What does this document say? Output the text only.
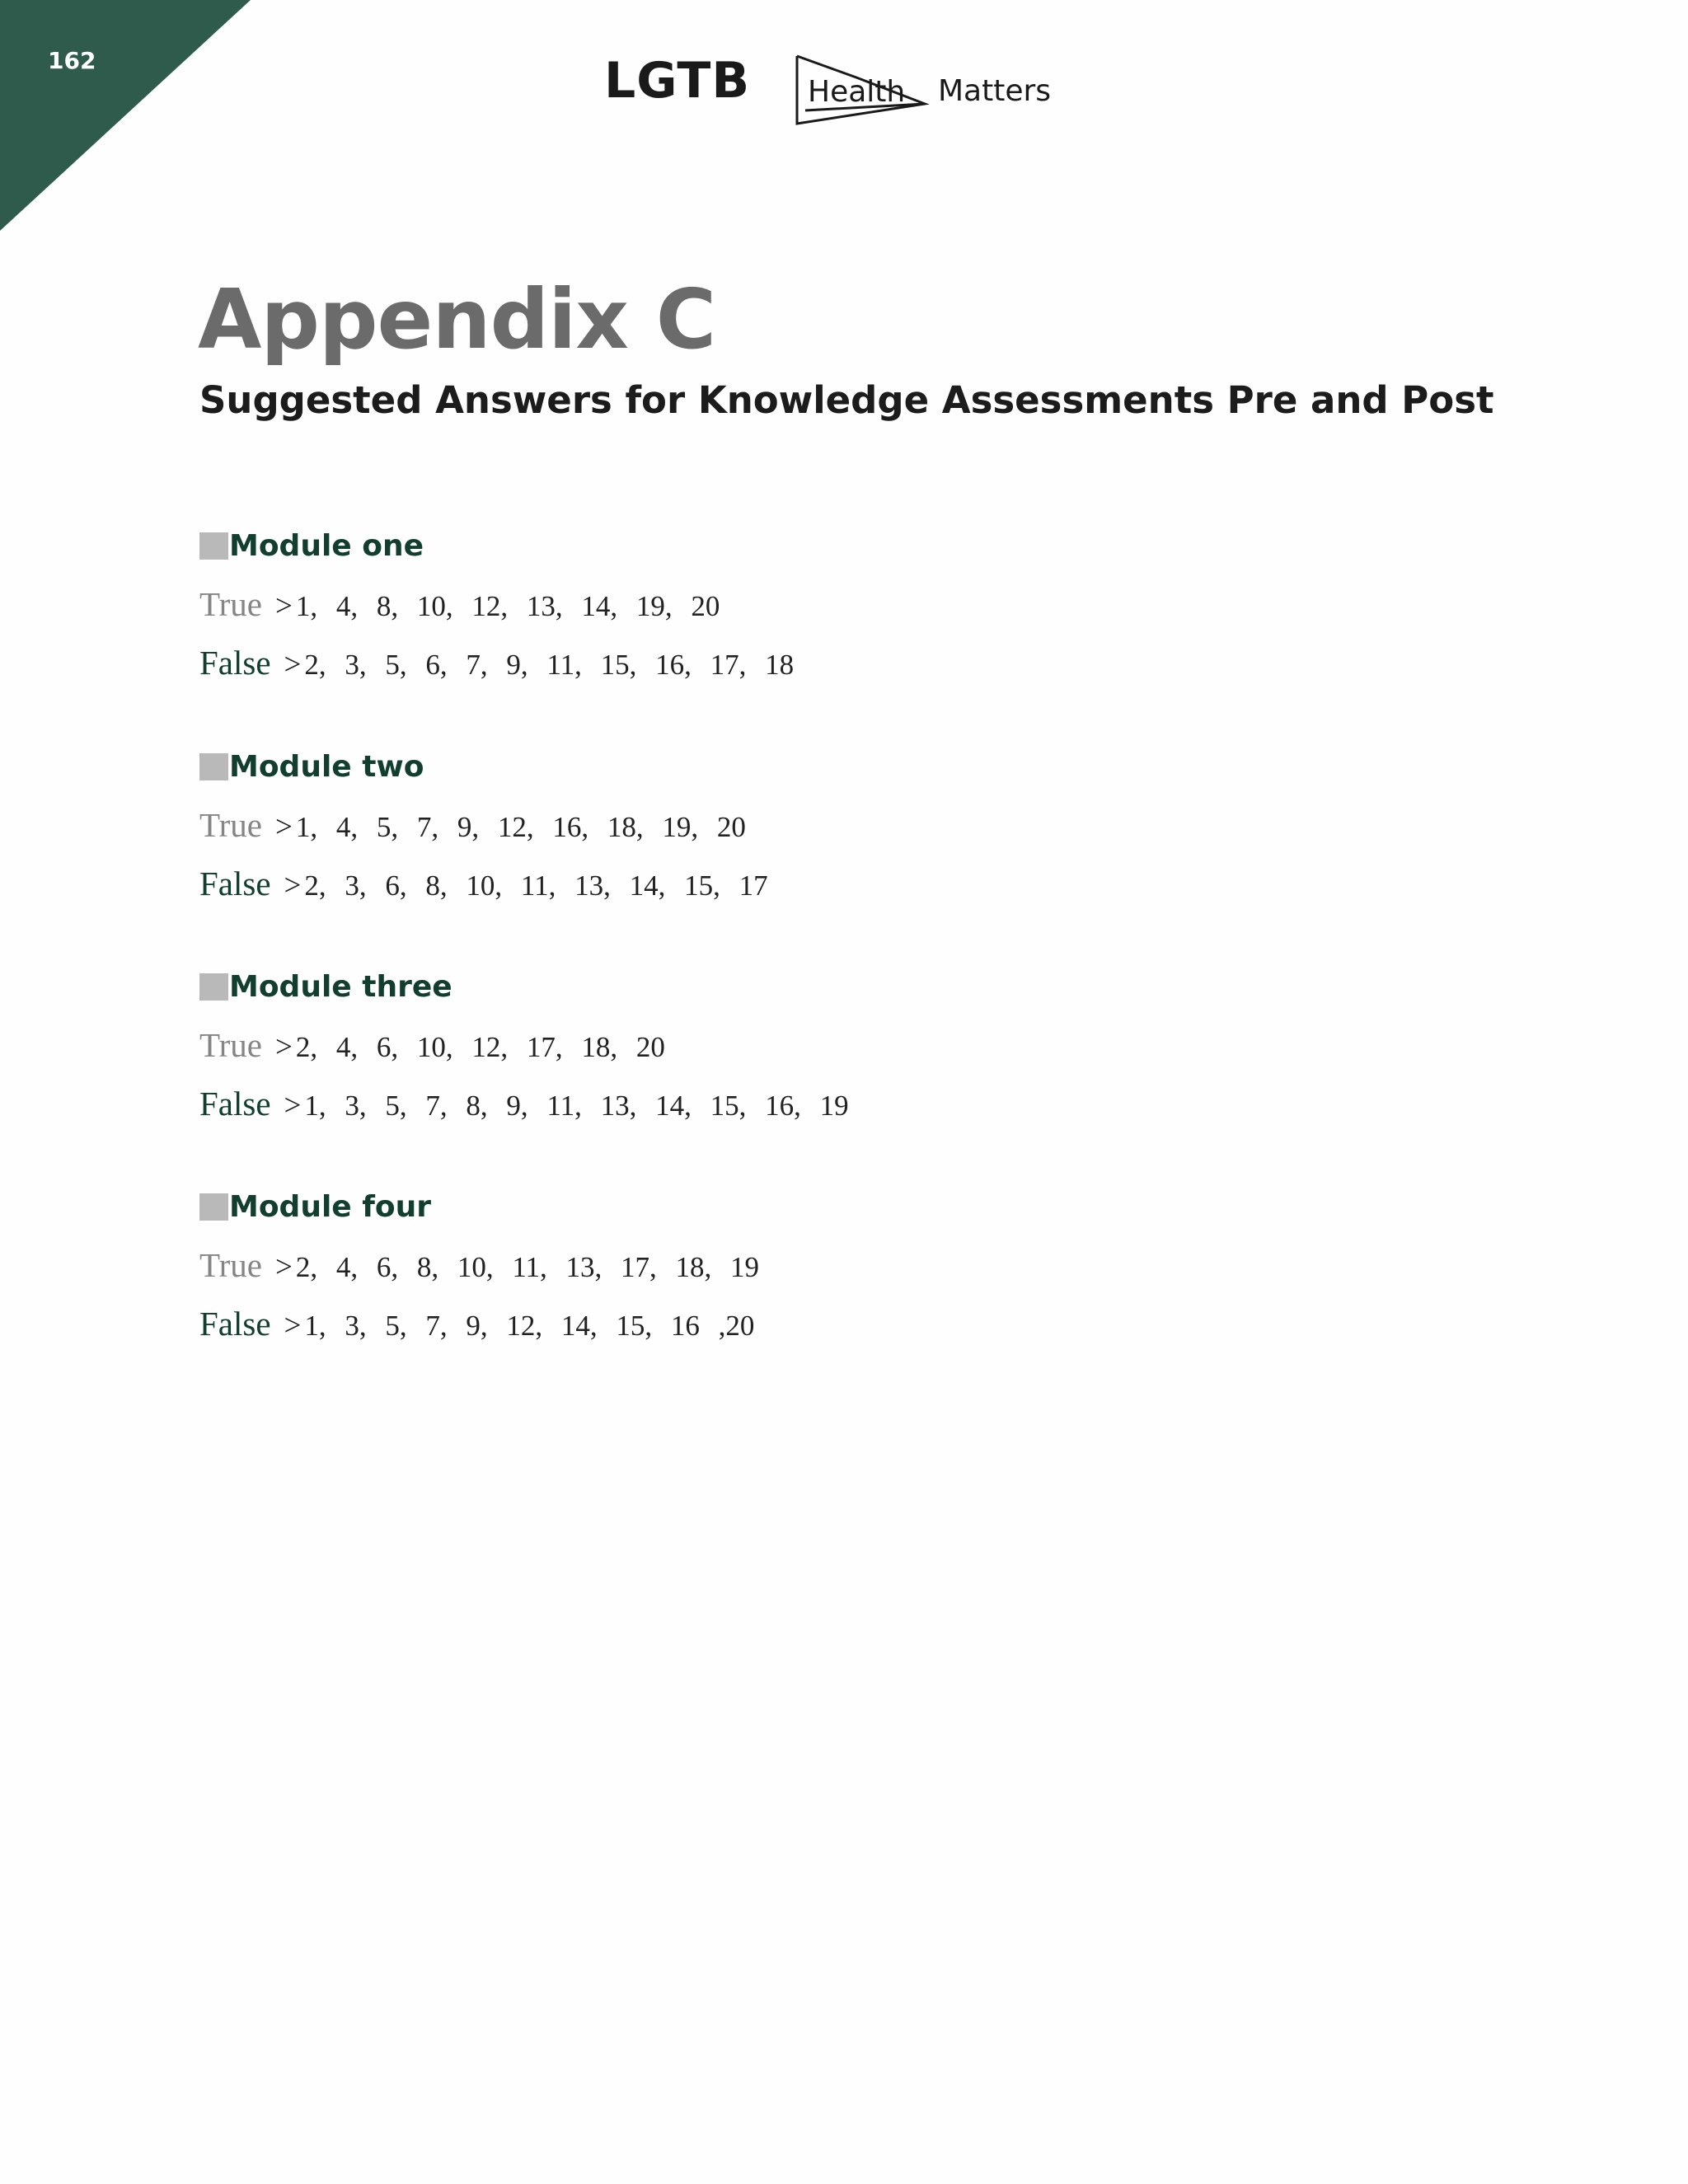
162	LGTB Health Matters
Appendix C
Suggested Answers for Knowledge Assessments Pre and Post
Module one
True > 1, 4, 8, 10, 12, 13, 14, 19, 20
False > 2, 3, 5, 6, 7, 9, 11, 15, 16, 17, 18
Module two
True > 1, 4, 5, 7, 9, 12, 16, 18, 19, 20
False > 2, 3, 6, 8, 10, 11, 13, 14, 15, 17
Module three
True > 2, 4, 6, 10, 12, 17, 18, 20
False > 1, 3, 5, 7, 8, 9, 11, 13, 14, 15, 16, 19
Module four
True > 2, 4, 6, 8, 10, 11, 13, 17, 18, 19
False > 1, 3, 5, 7, 9, 12, 14, 15, 16 ,20
